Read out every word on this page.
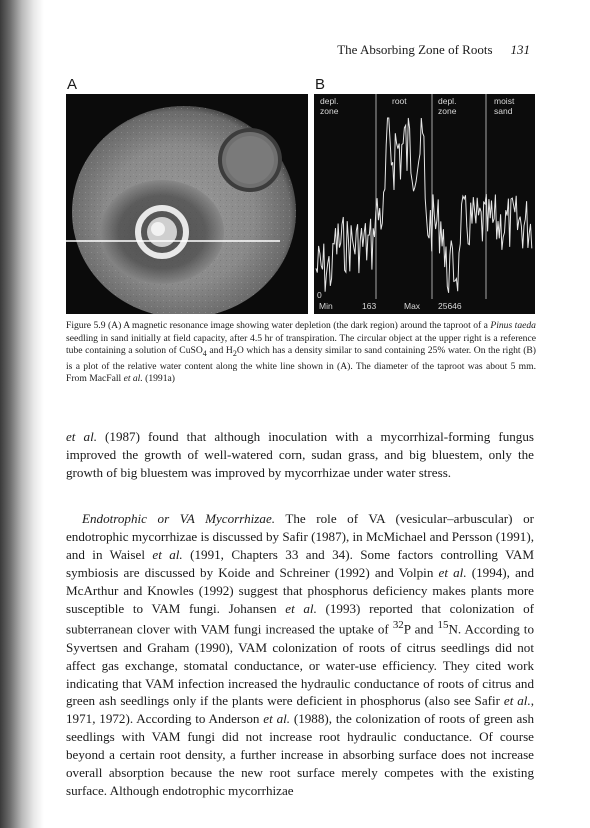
The Absorbing Zone of Roots 131
A	B
depl.
zone
root	depl.
zone
moist
sand
0
Min	163	Max 25646
Figure 5.9 (A) A magnetic resonance image showing water depletion (the dark region) around the taproot of a Pinus taeda seedling in sand initially at field capacity, after 4.5 hr of transpiration. The circular object at the upper right is a reference tube containing a solution of CuSO$_4$ and $H_2O$ which has a density similar to sand containing 25% water. On the right (B) is a plot of the relative water content along the white line shown in (A). The diameter of the taproot was about 5 mm. From MacFall et al. (1991a)

et al. (1987) found that although inoculation with a mycorrhizal-forming fungus improved the growth of well-watered corn, sudan grass, and big bluestem, only the growth of big bluestem was improved by mycorrhizae under water stress.

Endotrophic or VA Mycorrhizae. The role of VA (vesicular–arbuscular) or endotrophic mycorrhizae is discussed by Safir (1987), in McMichael and Persson (1991), and in Waisel et al. (1991, Chapters 33 and 34). Some factors controlling VAM symbiosis are discussed by Koide and Schreiner (1992) and Volpin et al. (1994), and McArthur and Knowles (1992) suggest that phosphorus deficiency makes plants more susceptible to VAM fungi. Johansen et al. (1993) reported that colonization of subterranean clover with VAM fungi increased the uptake of $^{32}$P and $^{15}$N. According to Syvertsen and Graham (1990), VAM colonization of roots of citrus seedlings did not affect gas exchange, stomatal conductance, or water-use efficiency. They cited work indicating that VAM infection increased the hydraulic conductance of roots of citrus and green ash seedlings only if the plants were deficient in phosphorus (also see Safir et al., 1971, 1972). According to Anderson et al. (1988), the colonization of roots of green ash seedlings with VAM fungi did not increase root hydraulic conductance. Of course beyond a certain root density, a further increase in absorbing surface does not increase overall absorption because the new root surface merely competes with the existing surface. Although endotrophic mycorrhizae
